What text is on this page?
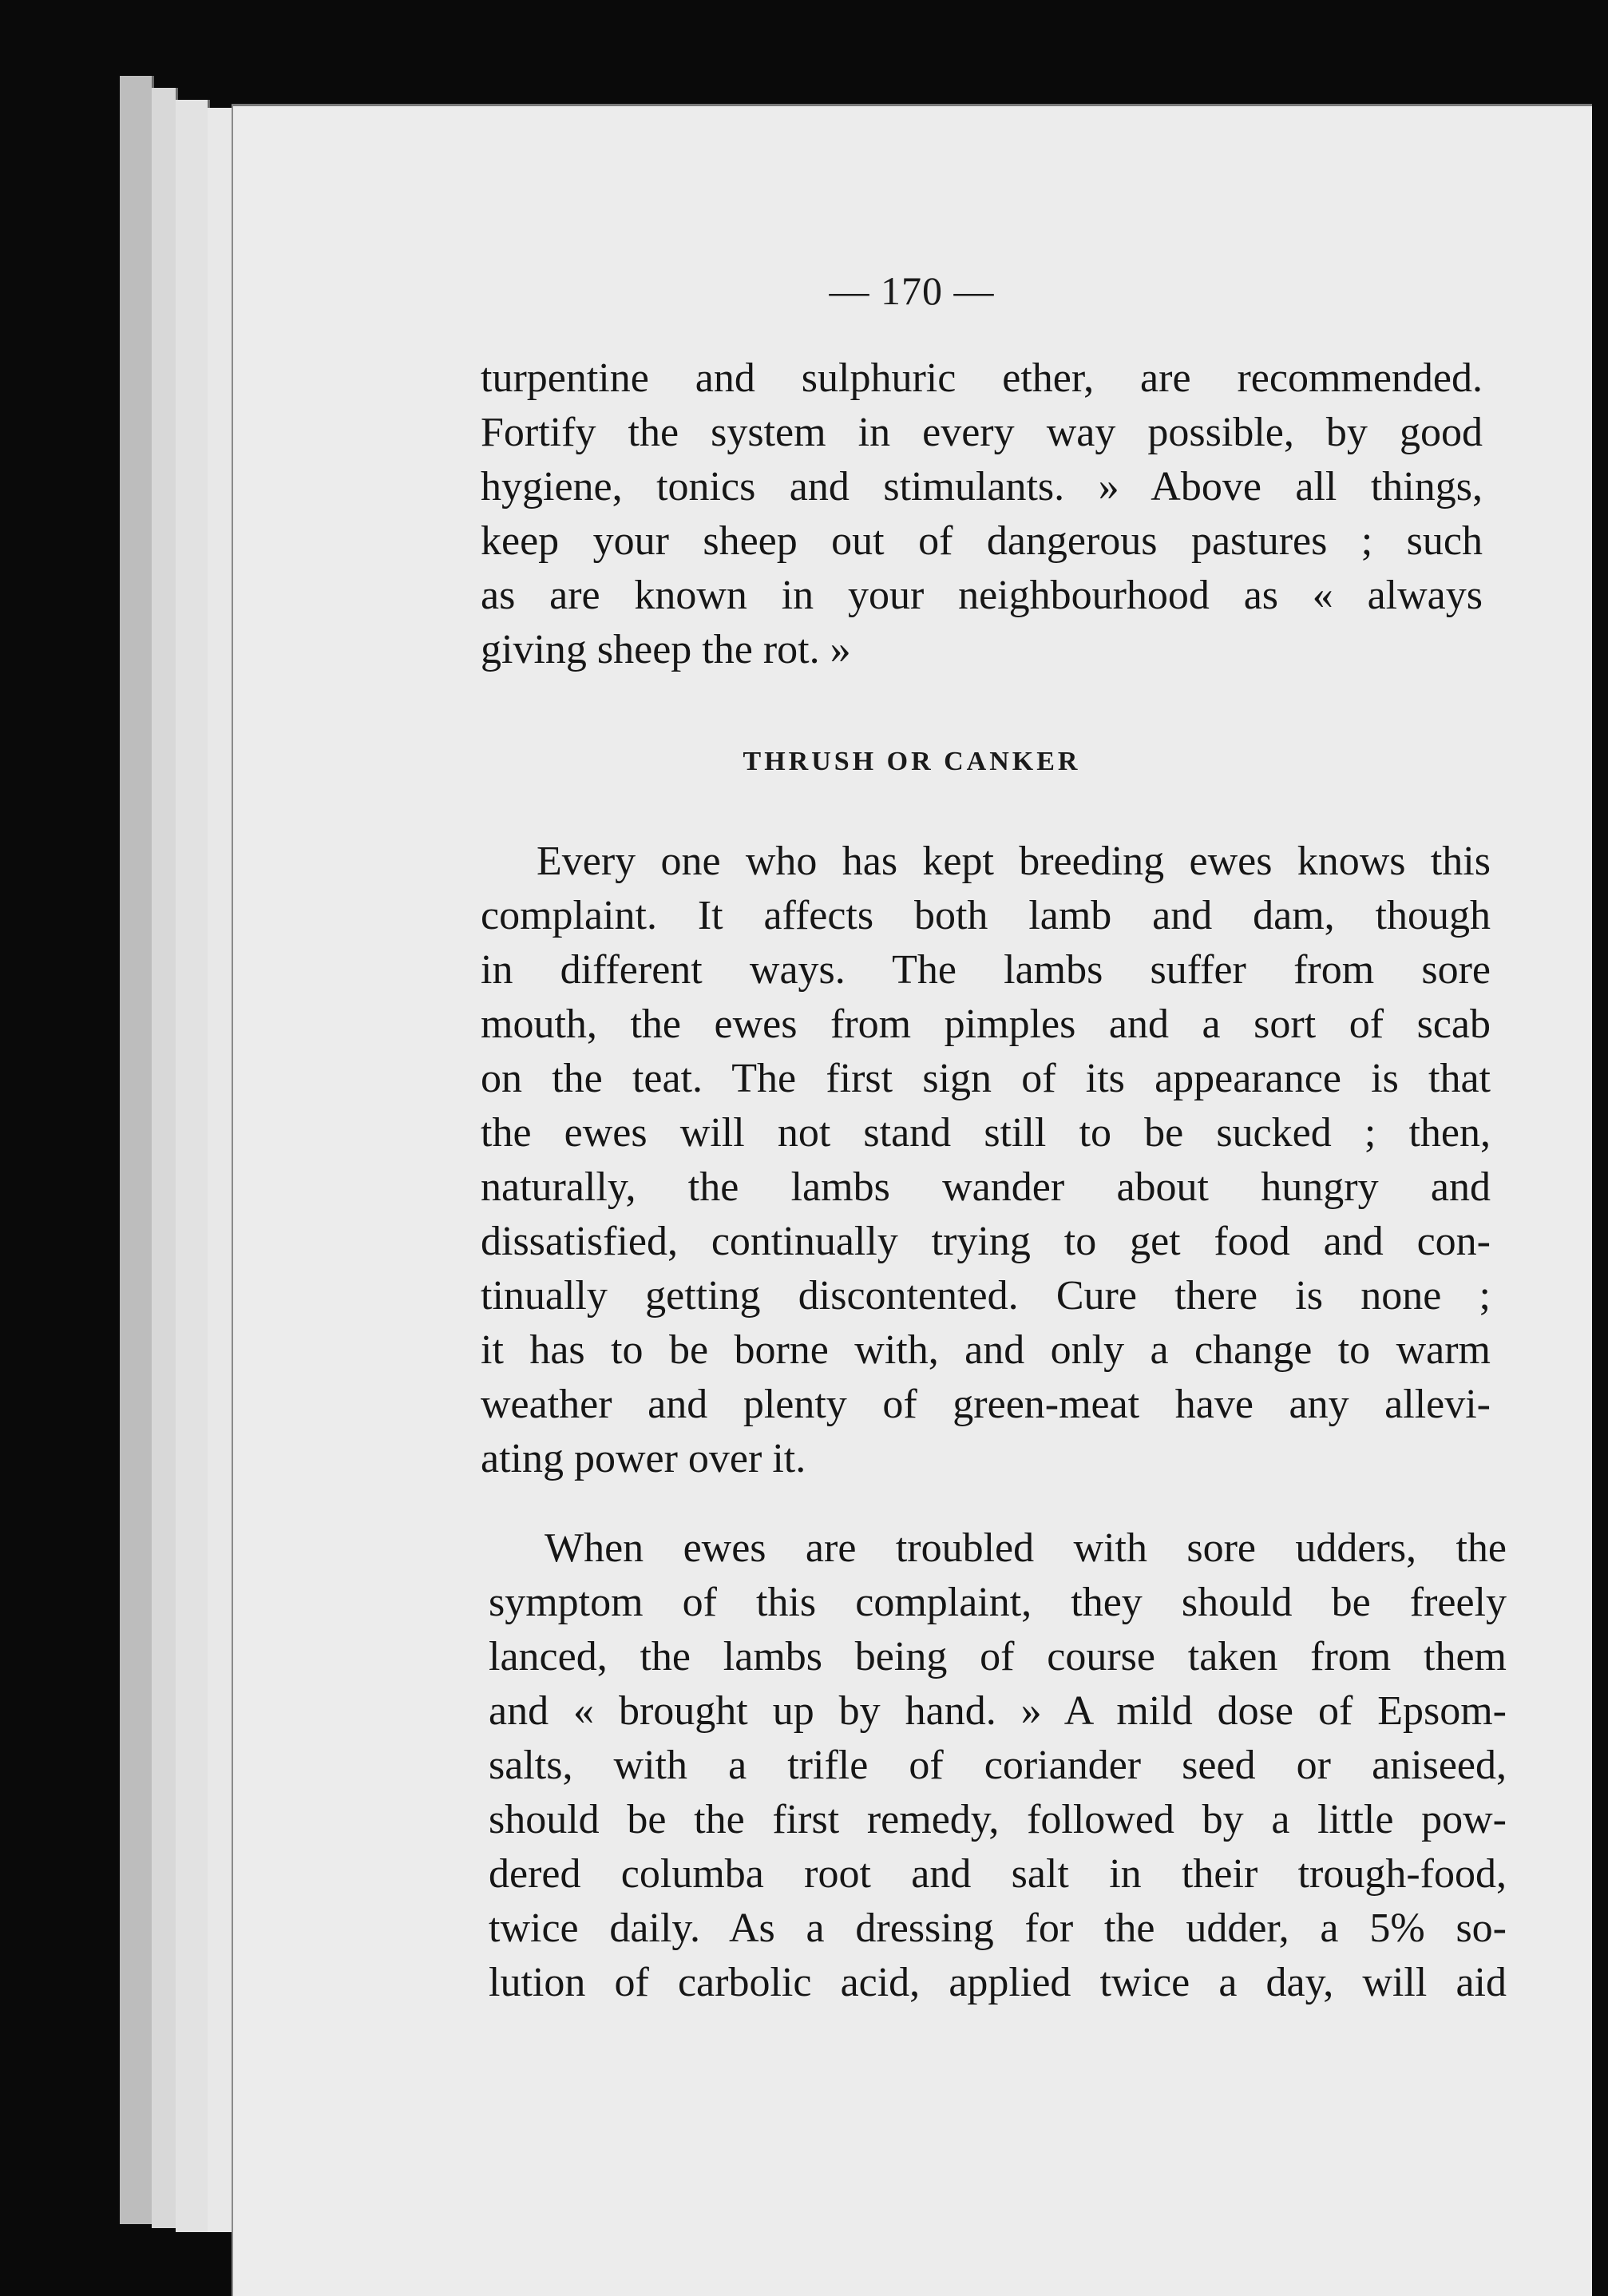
— 170 —
turpentine and sulphuric ether, are recommended.
Fortify the system in every way possible, by good
hygiene, tonics and stimulants. » Above all things,
keep your sheep out of dangerous pastures ; such
as are known in your neighbourhood as « always
giving sheep the rot. »
THRUSH OR CANKER
Every one who has kept breeding ewes knows this
complaint. It affects both lamb and dam, though
in different ways. The lambs suffer from sore
mouth, the ewes from pimples and a sort of scab
on the teat. The first sign of its appearance is that
the ewes will not stand still to be sucked ; then,
naturally, the lambs wander about hungry and
dissatisfied, continually trying to get food and con-
tinually getting discontented. Cure there is none ;
it has to be borne with, and only a change to warm
weather and plenty of green-meat have any allevi-
ating power over it.
When ewes are troubled with sore udders, the
symptom of this complaint, they should be freely
lanced, the lambs being of course taken from them
and « brought up by hand. » A mild dose of Epsom-
salts, with a trifle of coriander seed or aniseed,
should be the first remedy, followed by a little pow-
dered columba root and salt in their trough-food,
twice daily. As a dressing for the udder, a 5% so-
lution of carbolic acid, applied twice a day, will aid
